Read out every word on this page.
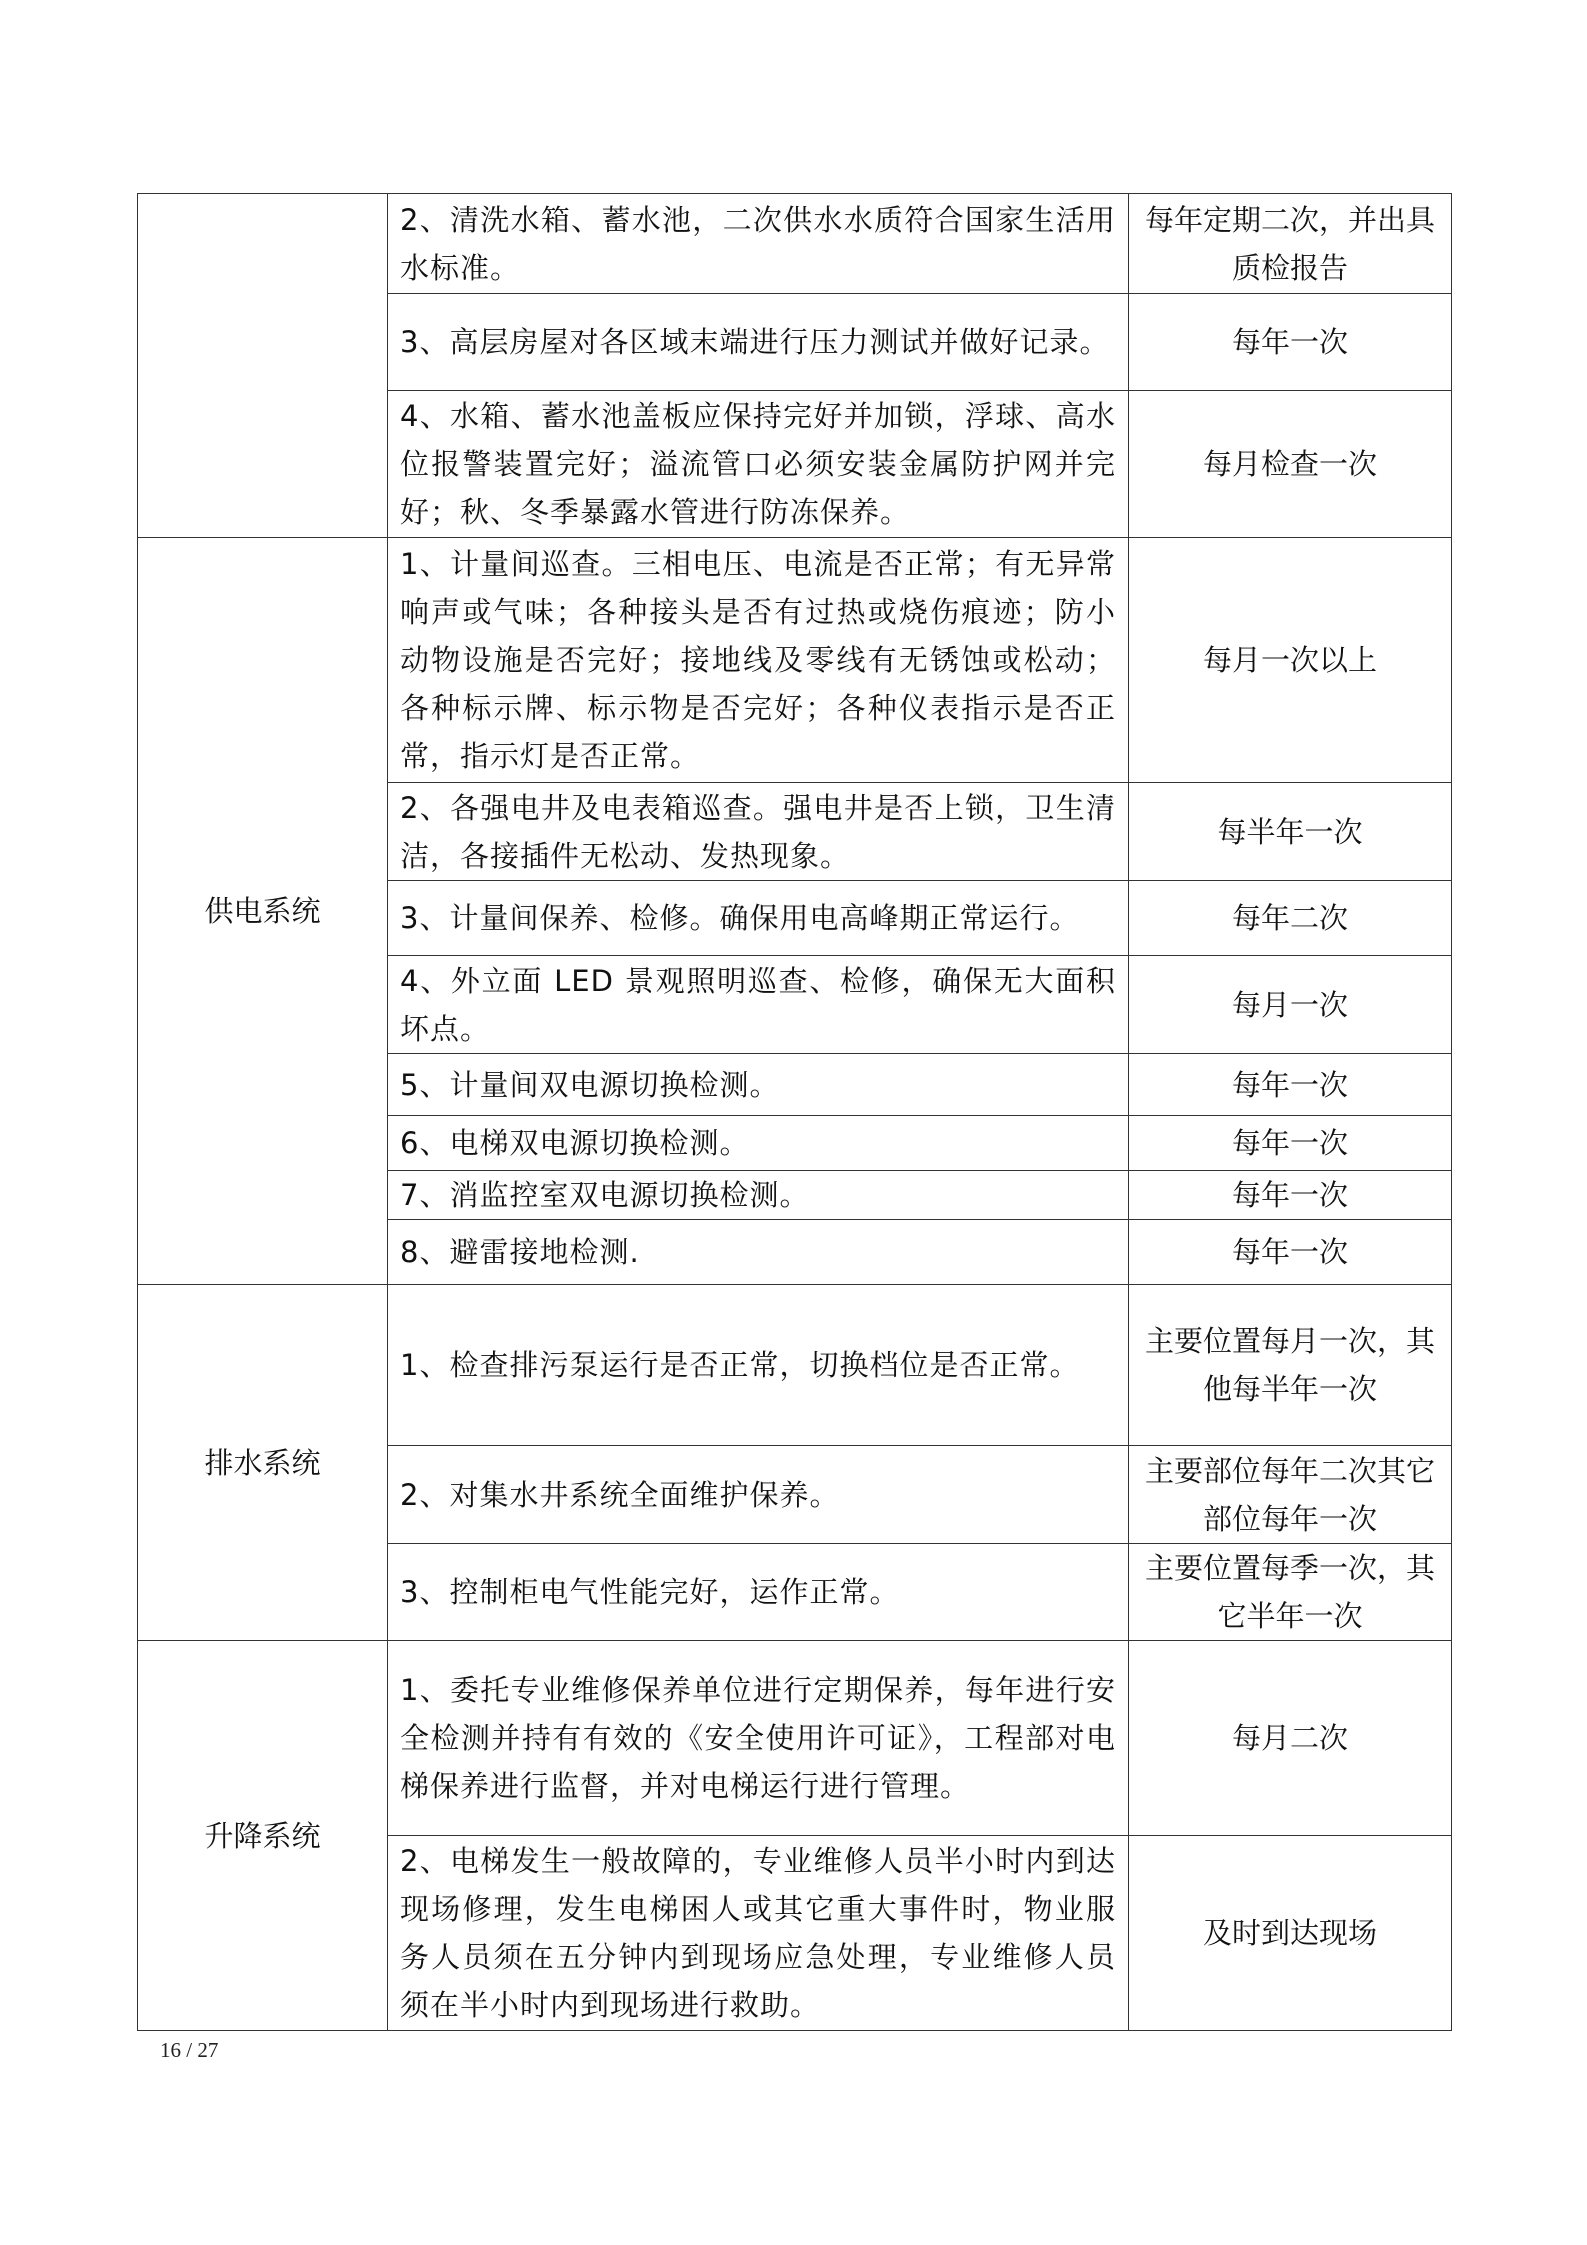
	2、清洗水箱、蓄水池，二次供水水质符合国家生活用水标准。	每年定期二次，并出具质检报告
	3、高层房屋对各区域末端进行压力测试并做好记录。	每年一次
	4、水箱、蓄水池盖板应保持完好并加锁，浮球、高水位报警装置完好；溢流管口必须安装金属防护网并完好；秋、冬季暴露水管进行防冻保养。	每月检查一次
供电系统	1、计量间巡查。三相电压、电流是否正常；有无异常响声或气味；各种接头是否有过热或烧伤痕迹；防小动物设施是否完好；接地线及零线有无锈蚀或松动；各种标示牌、标示物是否完好；各种仪表指示是否正常，指示灯是否正常。	每月一次以上
	2、各强电井及电表箱巡查。强电井是否上锁，卫生清洁，各接插件无松动、发热现象。	每半年一次
	3、计量间保养、检修。确保用电高峰期正常运行。	每年二次
	4、外立面 LED 景观照明巡查、检修，确保无大面积坏点。	每月一次
	5、计量间双电源切换检测。	每年一次
	6、电梯双电源切换检测。	每年一次
	7、消监控室双电源切换检测。	每年一次
	8、避雷接地检测.	每年一次
排水系统	1、检查排污泵运行是否正常，切换档位是否正常。	主要位置每月一次，其他每半年一次
	2、对集水井系统全面维护保养。	主要部位每年二次其它部位每年一次
	3、控制柜电气性能完好，运作正常。	主要位置每季一次，其它半年一次
升降系统	1、委托专业维修保养单位进行定期保养，每年进行安全检测并持有有效的《安全使用许可证》，工程部对电梯保养进行监督，并对电梯运行进行管理。	每月二次
	2、电梯发生一般故障的，专业维修人员半小时内到达现场修理，发生电梯困人或其它重大事件时，物业服务人员须在五分钟内到现场应急处理，专业维修人员须在半小时内到现场进行救助。	及时到达现场
16 / 27
